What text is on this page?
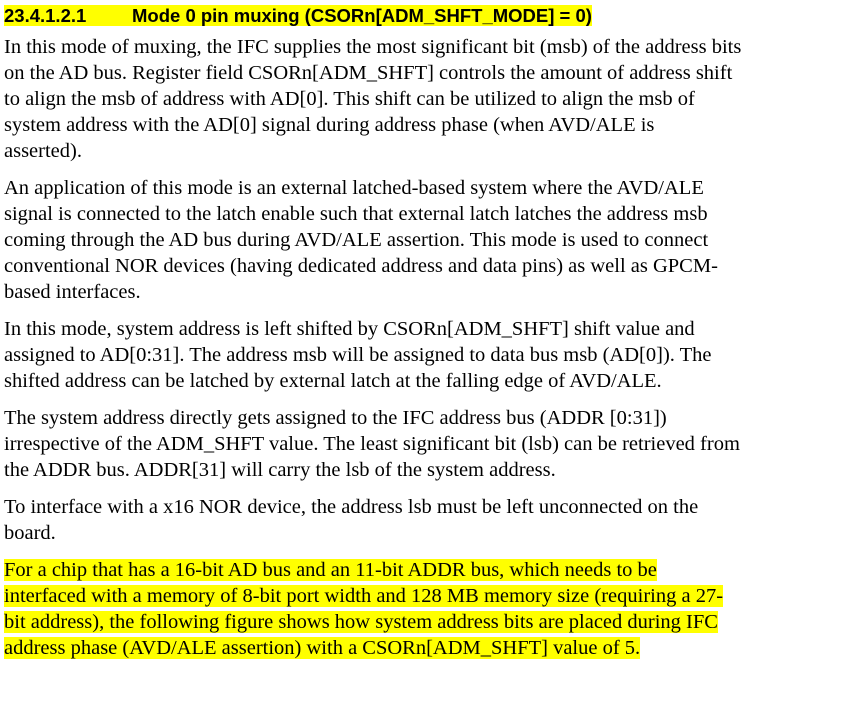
23.4.1.2.1 Mode 0 pin muxing (CSORn[ADM_SHFT_MODE] = 0)
In this mode of muxing, the IFC supplies the most significant bit (msb) of the address bits
on the AD bus. Register field CSORn[ADM_SHFT] controls the amount of address shift
to align the msb of address with AD[0]. This shift can be utilized to align the msb of
system address with the AD[0] signal during address phase (when AVD/ALE is
asserted).
An application of this mode is an external latched-based system where the AVD/ALE
signal is connected to the latch enable such that external latch latches the address msb
coming through the AD bus during AVD/ALE assertion. This mode is used to connect
conventional NOR devices (having dedicated address and data pins) as well as GPCM-
based interfaces.
In this mode, system address is left shifted by CSORn[ADM_SHFT] shift value and
assigned to AD[0:31]. The address msb will be assigned to data bus msb (AD[0]). The
shifted address can be latched by external latch at the falling edge of AVD/ALE.
The system address directly gets assigned to the IFC address bus (ADDR [0:31])
irrespective of the ADM_SHFT value. The least significant bit (lsb) can be retrieved from
the ADDR bus. ADDR[31] will carry the lsb of the system address.
To interface with a x16 NOR device, the address lsb must be left unconnected on the
board.
For a chip that has a 16-bit AD bus and an 11-bit ADDR bus, which needs to be
interfaced with a memory of 8-bit port width and 128 MB memory size (requiring a 27-
bit address), the following figure shows how system address bits are placed during IFC
address phase (AVD/ALE assertion) with a CSORn[ADM_SHFT] value of 5.
